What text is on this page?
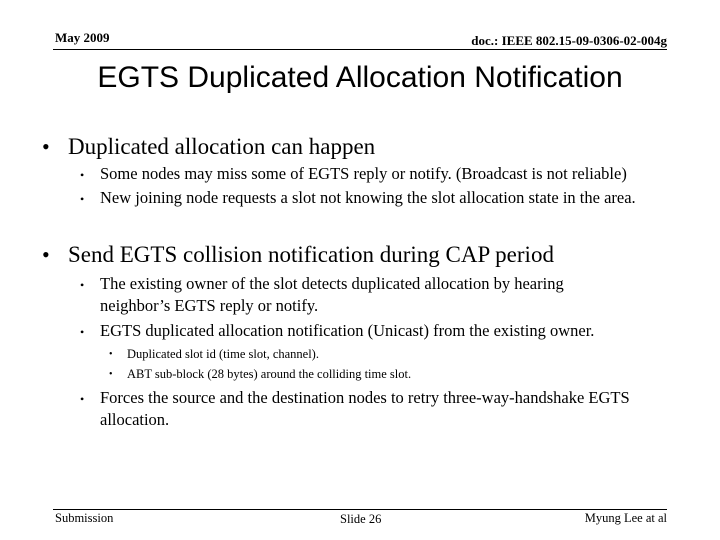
May 2009	doc.: IEEE 802.15-09-0306-02-004g
EGTS Duplicated Allocation Notification
• Duplicated allocation can happen
• Some nodes may miss some of EGTS reply or notify. (Broadcast is not reliable)
• New joining node requests a slot not knowing the slot allocation state in the area.
• Send EGTS collision notification during CAP period
• The existing owner of the slot detects duplicated allocation by hearing
neighbor’s EGTS reply or notify.
• EGTS duplicated allocation notification (Unicast) from the existing owner.
• Duplicated slot id (time slot, channel).
• ABT sub-block (28 bytes) around the colliding time slot.
• Forces the source and the destination nodes to retry three-way-handshake EGTS
allocation.
Submission	Slide 26	Myung Lee at al
